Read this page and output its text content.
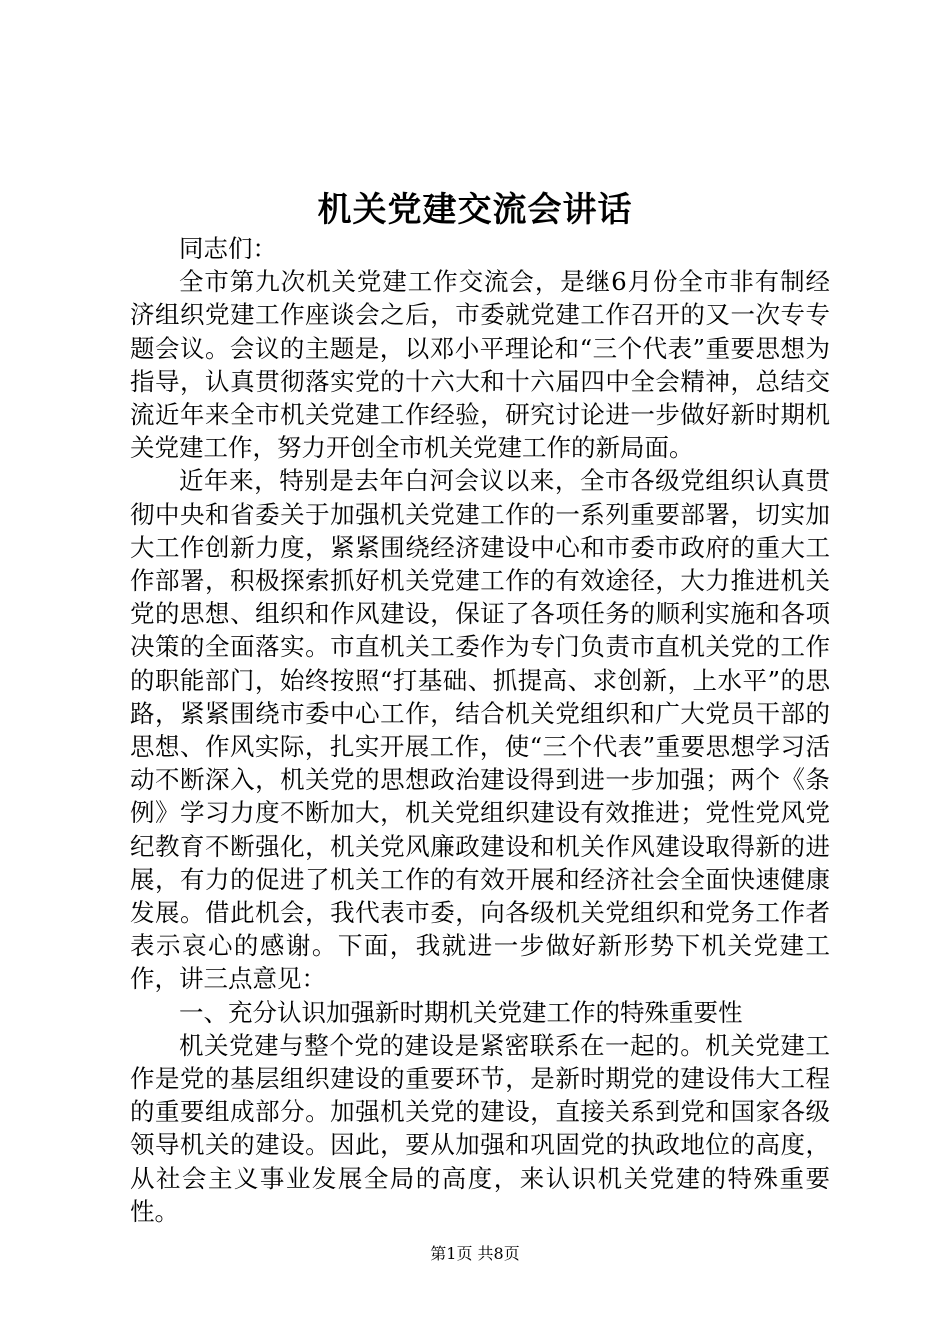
机关党建交流会讲话

同志们：

全市第九次机关党建工作交流会，是继6月份全市非有制经济组织党建工作座谈会之后，市委就党建工作召开的又一次专专题会议。会议的主题是，以邓小平理论和“三个代表”重要思想为指导，认真贯彻落实党的十六大和十六届四中全会精神，总结交流近年来全市机关党建工作经验，研究讨论进一步做好新时期机关党建工作，努力开创全市机关党建工作的新局面。

近年来，特别是去年白河会议以来，全市各级党组织认真贯彻中央和省委关于加强机关党建工作的一系列重要部署，切实加大工作创新力度，紧紧围绕经济建设中心和市委市政府的重大工作部署，积极探索抓好机关党建工作的有效途径，大力推进机关党的思想、组织和作风建设，保证了各项任务的顺利实施和各项决策的全面落实。市直机关工委作为专门负责市直机关党的工作的职能部门，始终按照“打基础、抓提高、求创新，上水平”的思路，紧紧围绕市委中心工作，结合机关党组织和广大党员干部的思想、作风实际，扎实开展工作，使“三个代表”重要思想学习活动不断深入，机关党的思想政治建设得到进一步加强；两个《条例》学习力度不断加大，机关党组织建设有效推进；党性党风党纪教育不断强化，机关党风廉政建设和机关作风建设取得新的进展，有力的促进了机关工作的有效开展和经济社会全面快速健康发展。借此机会，我代表市委，向各级机关党组织和党务工作者表示哀心的感谢。下面，我就进一步做好新形势下机关党建工作，讲三点意见：

一、充分认识加强新时期机关党建工作的特殊重要性

机关党建与整个党的建设是紧密联系在一起的。机关党建工作是党的基层组织建设的重要环节，是新时期党的建设伟大工程的重要组成部分。加强机关党的建设，直接关系到党和国家各级领导机关的建设。因此，要从加强和巩固党的执政地位的高度，从社会主义事业发展全局的高度，来认识机关党建的特殊重要性。

第1页 共8页
